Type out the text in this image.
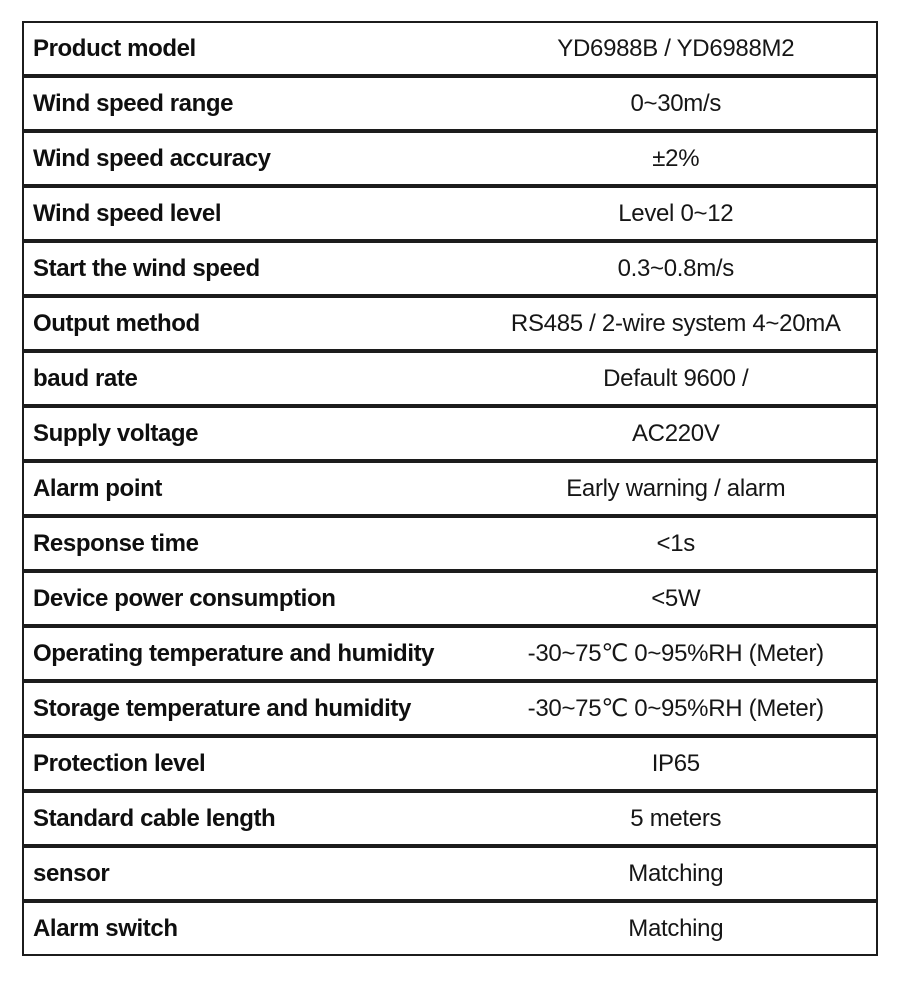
Product model	YD6988B / YD6988M2
Wind speed range	0~30m/s
Wind speed accuracy	±2%
Wind speed level	Level 0~12
Start the wind speed	0.3~0.8m/s
Output method	RS485 / 2-wire system 4~20mA
baud rate	Default 9600 /
Supply voltage	AC220V
Alarm point	Early warning / alarm
Response time	<1s
Device power consumption	<5W
Operating temperature and humidity	-30~75℃ 0~95%RH (Meter)
Storage temperature and humidity	-30~75℃ 0~95%RH (Meter)
Protection level	IP65
Standard cable length	5 meters
sensor	Matching
Alarm switch	Matching
